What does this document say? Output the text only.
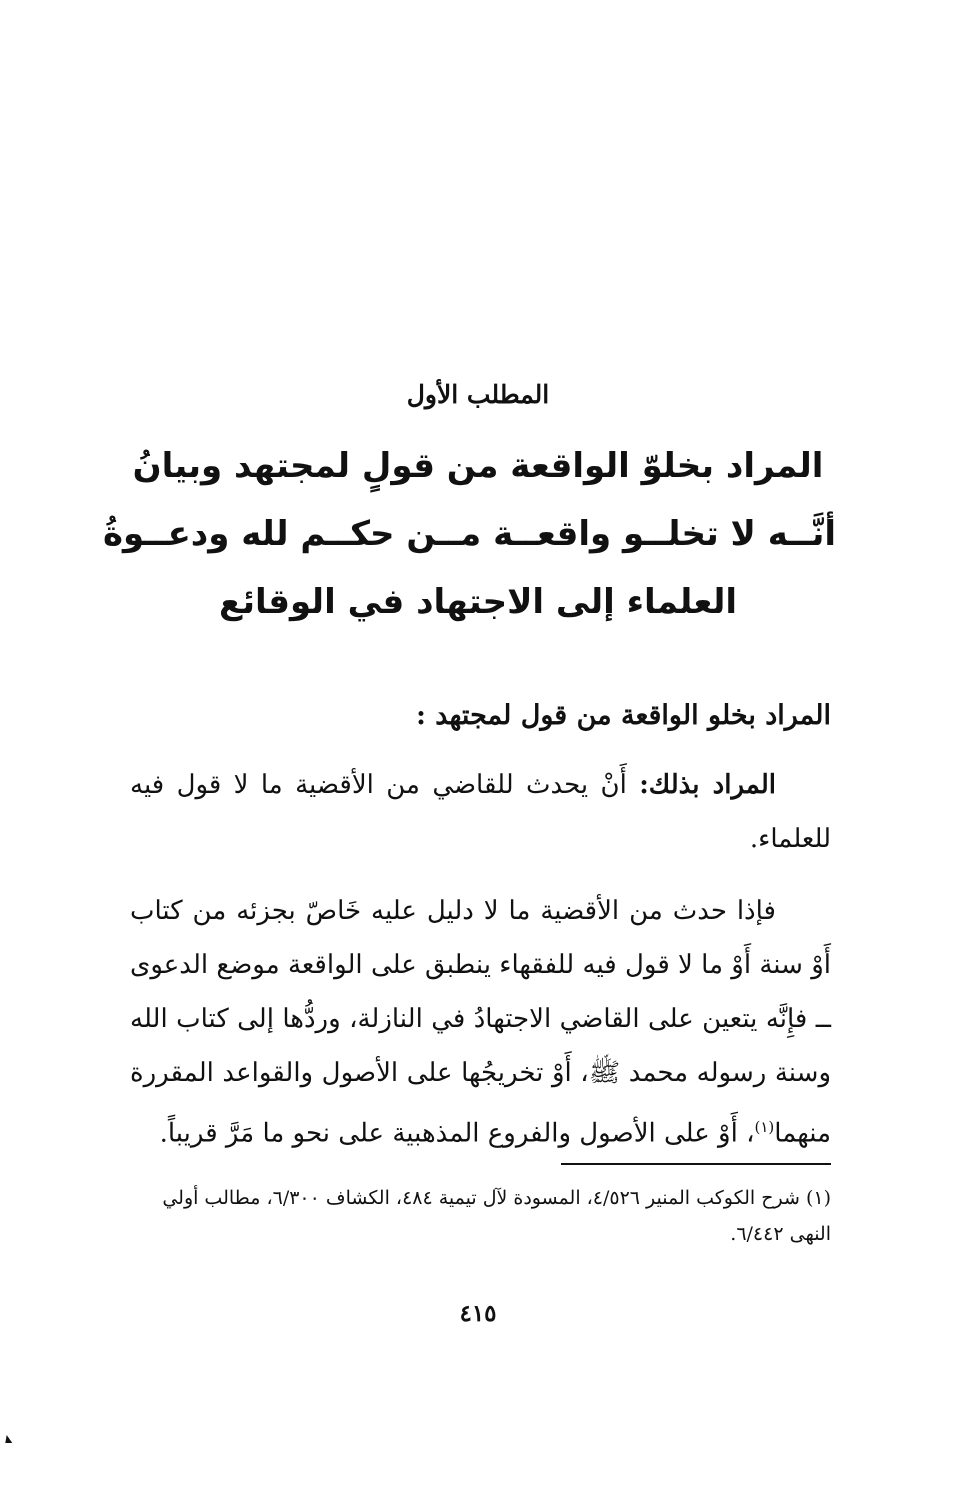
المطلب الأول
المراد بخلوّ الواقعة من قولٍ لمجتهد وبيانُ
أنَّــه لا تخلــو واقعــة مــن حكــم لله ودعــوةُ
العلماء إلى الاجتهاد في الوقائع
المراد بخلو الواقعة من قول لمجتهد :
المراد بذلك: أَنْ يحدث للقاضي من الأقضية ما لا قول فيه للعلماء.
فإذا حدث من الأقضية ما لا دليل عليه خَاصّ بجزئه من كتاب أَوْ سنة أَوْ ما لا قول فيه للفقهاء ينطبق على الواقعة موضع الدعوى ــ فإِنَّه يتعين على القاضي الاجتهادُ في النازلة، وردُّها إلى كتاب الله وسنة رسوله محمد ﷺ، أَوْ تخريجُها على الأصول والقواعد المقررة منهما$^{(١)}$، أَوْ على الأصول والفروع المذهبية على نحو ما مَرَّ قريباً.
(١) شرح الكوكب المنير ٤/٥٢٦، المسودة لآل تيمية ٤٨٤، الكشاف ٦/٣٠٠، مطالب أولي النهى ٦/٤٤٢.
٤١٥
